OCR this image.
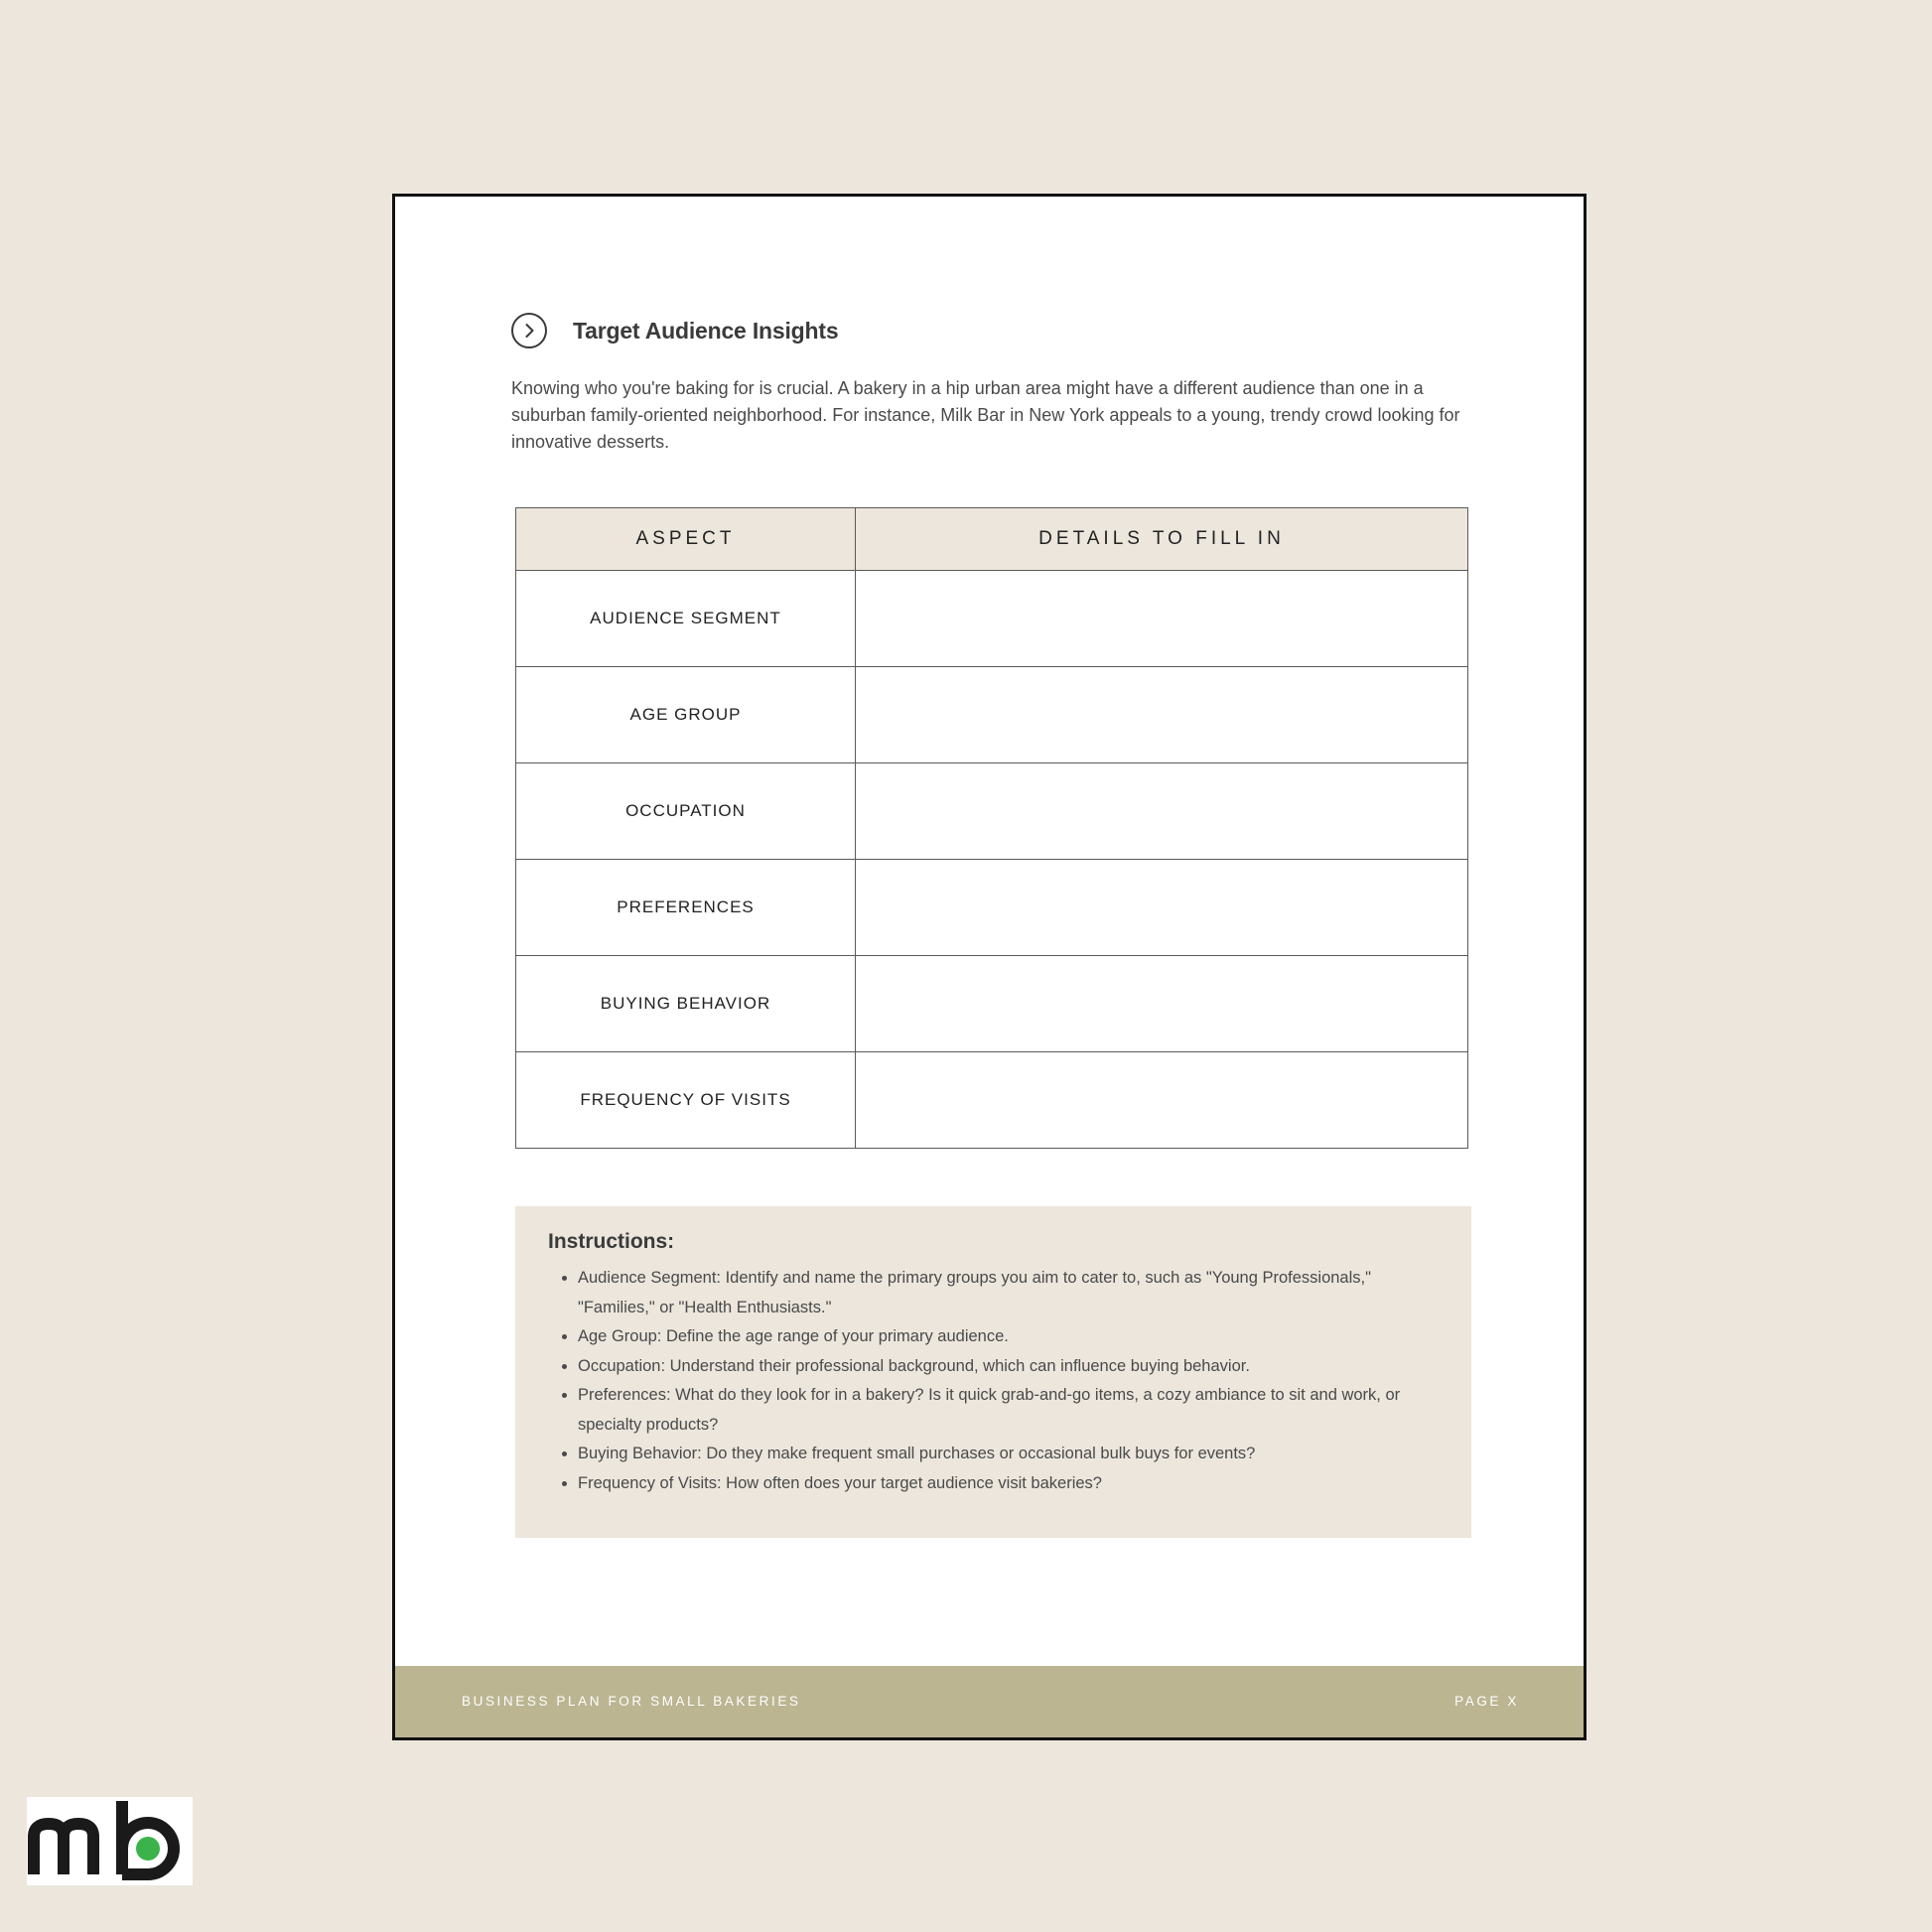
Target Audience Insights

Knowing who you're baking for is crucial. A bakery in a hip urban area might have a different audience than one in a suburban family-oriented neighborhood. For instance, Milk Bar in New York appeals to a young, trendy crowd looking for innovative desserts.

ASPECT	DETAILS TO FILL IN
AUDIENCE SEGMENT	
AGE GROUP	
OCCUPATION	
PREFERENCES	
BUYING BEHAVIOR	
FREQUENCY OF VISITS	
Instructions:
• Audience Segment: Identify and name the primary groups you aim to cater to, such as "Young Professionals," "Families," or "Health Enthusiasts."
• Age Group: Define the age range of your primary audience.
• Occupation: Understand their professional background, which can influence buying behavior.
• Preferences: What do they look for in a bakery? Is it quick grab-and-go items, a cozy ambiance to sit and work, or specialty products?
• Buying Behavior: Do they make frequent small purchases or occasional bulk buys for events?
• Frequency of Visits: How often does your target audience visit bakeries?
BUSINESS PLAN FOR SMALL BAKERIES	PAGE X
